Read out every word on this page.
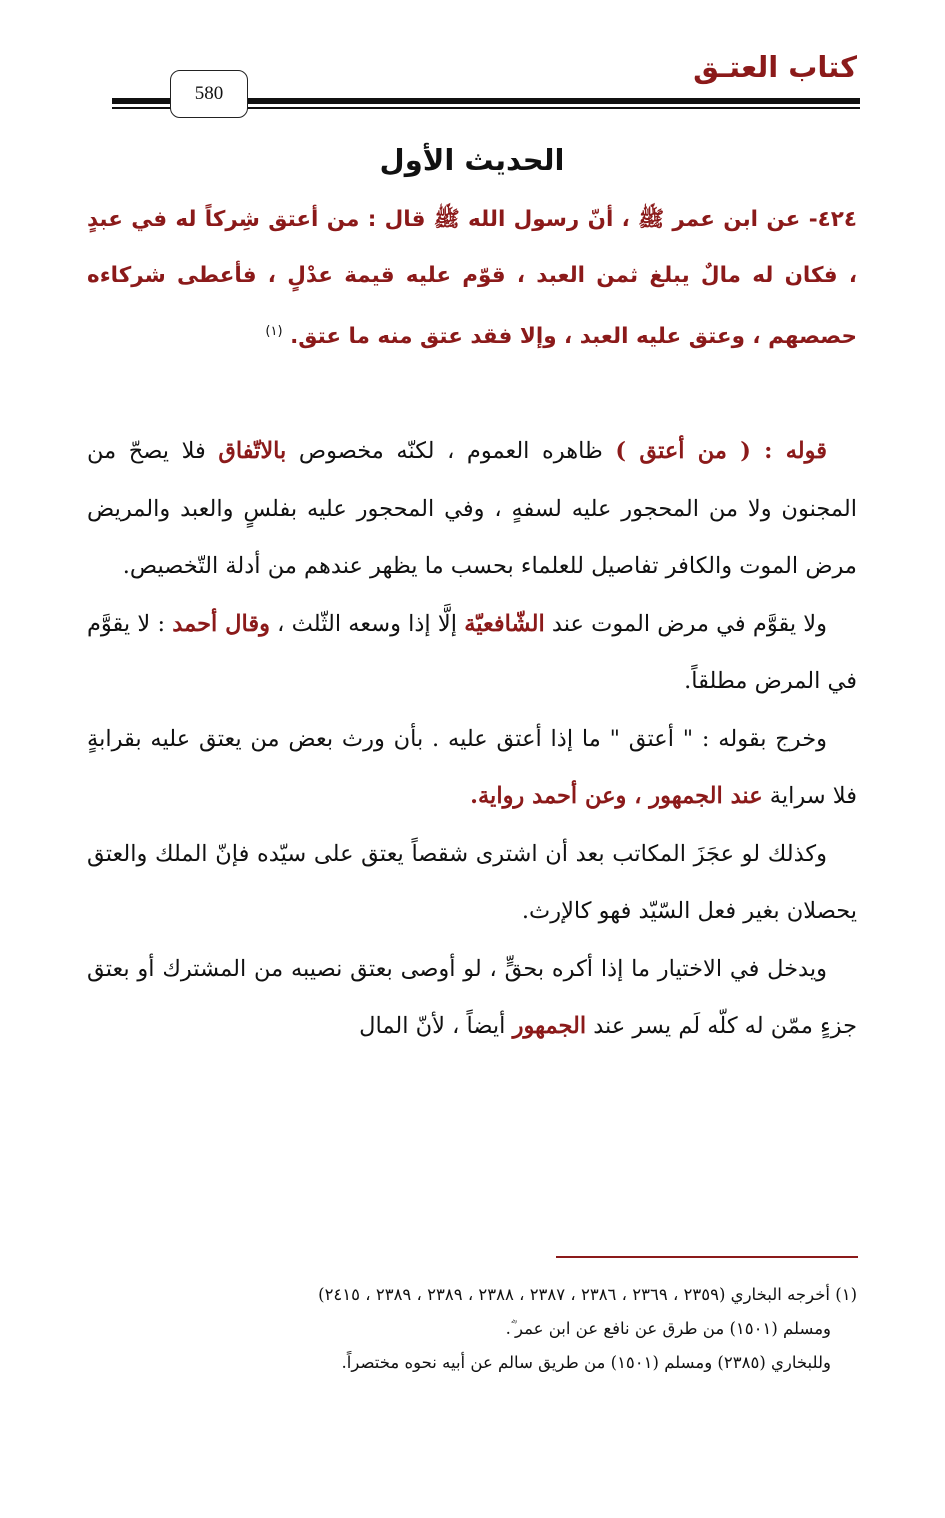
كتاب العتـق
580
الحديث الأول

٤٢٤- عن ابن عمر ﷺ ، أنّ رسول الله ﷺ قال : من أعتق شِركاً له في عبدٍ ، فكان له مالٌ يبلغ ثمن العبد ، قوّم عليه قيمة عدْلٍ ، فأعطى شركاءه حصصهم ، وعتق عليه العبد ، وإلا فقد عتق منه ما عتق. $^{(١)}$

قوله : ( من أعتق ) ظاهره العموم ، لكنّه مخصوص بالاتّفاق فلا يصحّ من المجنون ولا من المحجور عليه لسفهٍ ، وفي المحجور عليه بفلسٍ والعبد والمريض مرض الموت والكافر تفاصيل للعلماء بحسب ما يظهر عندهم من أدلة التّخصيص.

ولا يقوَّم في مرض الموت عند الشّافعيّة إلَّا إذا وسعه الثّلث ، وقال أحمد : لا يقوَّم في المرض مطلقاً.

وخرج بقوله : " أعتق " ما إذا أعتق عليه . بأن ورث بعض من يعتق عليه بقرابةٍ فلا سراية عند الجمهور ، وعن أحمد رواية.

وكذلك لو عجَزَ المكاتب بعد أن اشترى شقصاً يعتق على سيّده فإنّ الملك والعتق يحصلان بغير فعل السّيّد فهو كالإرث.

ويدخل في الاختيار ما إذا أكره بحقٍّ ، لو أوصى بعتق نصيبه من المشترك أو بعتق جزءٍ ممّن له كلّه لَم يسر عند الجمهور أيضاً ، لأنّ المال

(١) أخرجه البخاري (٢٣٥٩ ، ٢٣٦٩ ، ٢٣٨٦ ، ٢٣٨٧ ، ٢٣٨٨ ، ٢٣٨٩ ، ٢٣٨٩ ، ٢٤١٥)

ومسلم (١٥٠١) من طرق عن نافع عن ابن عمر ؓ.

وللبخاري (٢٣٨٥) ومسلم (١٥٠١) من طريق سالم عن أبيه نحوه مختصراً.
